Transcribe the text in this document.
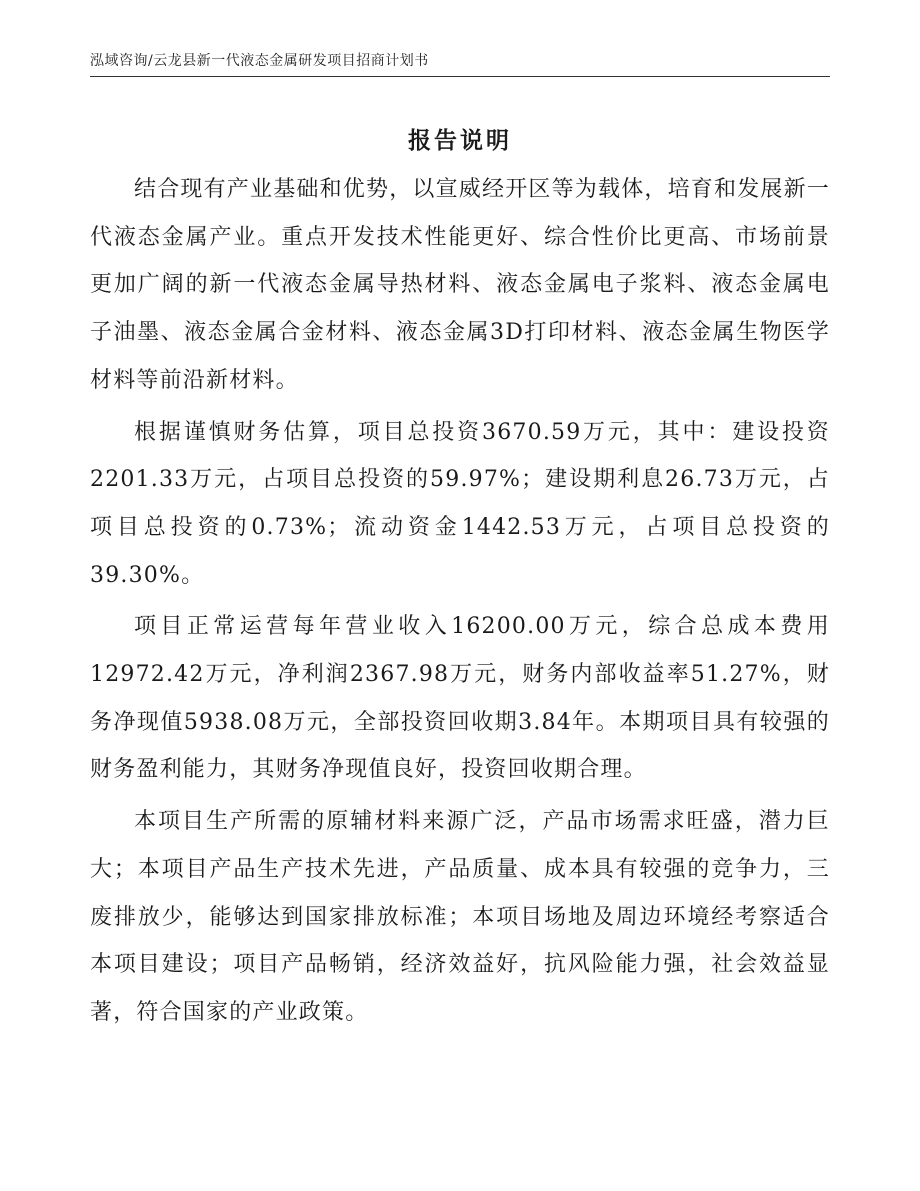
泓域咨询/云龙县新一代液态金属研发项目招商计划书
报告说明

结合现有产业基础和优势，以宣威经开区等为载体，培育和发展新一代液态金属产业。重点开发技术性能更好、综合性价比更高、市场前景更加广阔的新一代液态金属导热材料、液态金属电子浆料、液态金属电子油墨、液态金属合金材料、液态金属3D打印材料、液态金属生物医学材料等前沿新材料。

根据谨慎财务估算，项目总投资3670.59万元，其中：建设投资2201.33万元，占项目总投资的59.97%；建设期利息26.73万元，占项目总投资的0.73%；流动资金1442.53万元，占项目总投资的39.30%。

项目正常运营每年营业收入16200.00万元，综合总成本费用12972.42万元，净利润2367.98万元，财务内部收益率51.27%，财务净现值5938.08万元，全部投资回收期3.84年。本期项目具有较强的财务盈利能力，其财务净现值良好，投资回收期合理。

本项目生产所需的原辅材料来源广泛，产品市场需求旺盛，潜力巨大；本项目产品生产技术先进，产品质量、成本具有较强的竞争力，三废排放少，能够达到国家排放标准；本项目场地及周边环境经考察适合本项目建设；项目产品畅销，经济效益好，抗风险能力强，社会效益显著，符合国家的产业政策。
